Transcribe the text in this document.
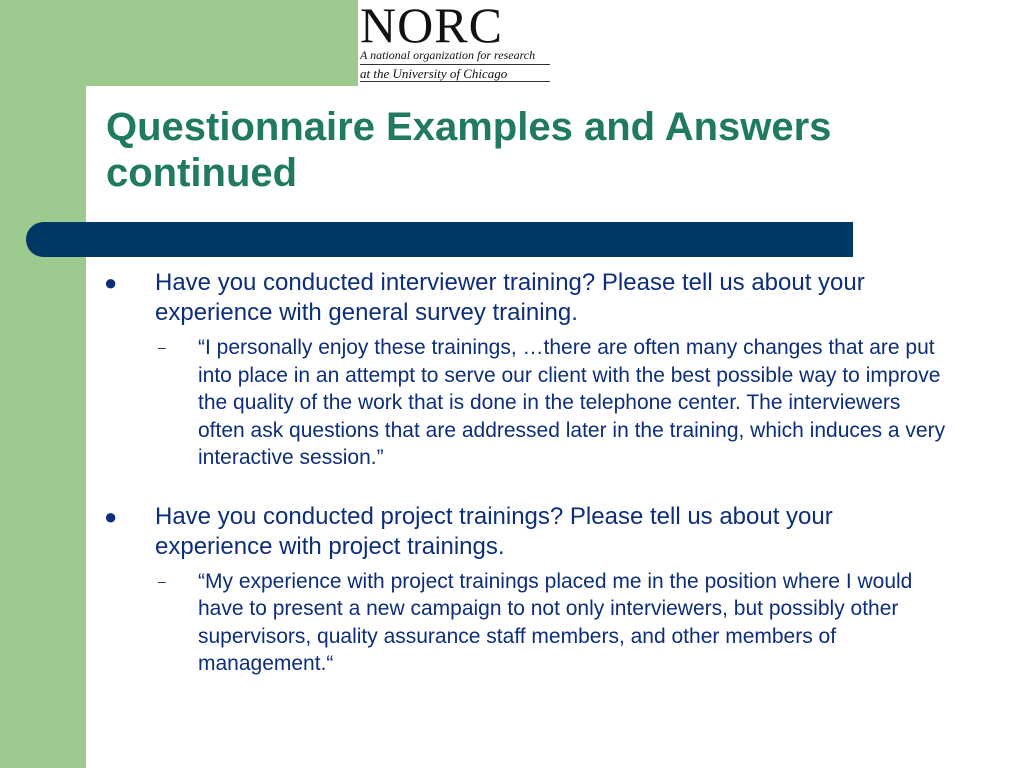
NORC
A national organization for research
at the University of Chicago
Questionnaire Examples and Answers continued
● Have you conducted interviewer training? Please tell us about your experience with general survey training.
– “I personally enjoy these trainings, …there are often many changes that are put into place in an attempt to serve our client with the best possible way to improve the quality of the work that is done in the telephone center. The interviewers often ask questions that are addressed later in the training, which induces a very interactive session.”
● Have you conducted project trainings? Please tell us about your experience with project trainings.
– “My experience with project trainings placed me in the position where I would have to present a new campaign to not only interviewers, but possibly other supervisors, quality assurance staff members, and other members of management.“
